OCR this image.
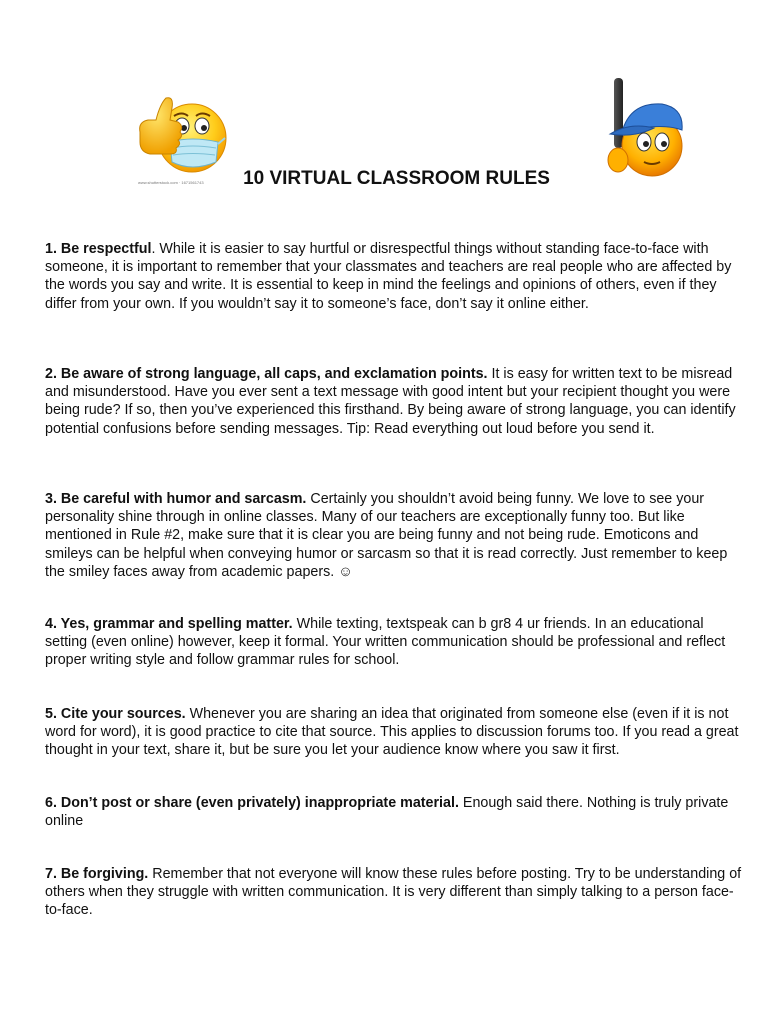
www.shutterstock.com · 1671561743	10 VIRTUAL CLASSROOM RULES
1. Be respectful. While it is easier to say hurtful or disrespectful things without standing face-to-face with someone, it is important to remember that your classmates and teachers are real people who are affected by the words you say and write. It is essential to keep in mind the feelings and opinions of others, even if they differ from your own. If you wouldn’t say it to someone’s face, don’t say it online either.
2. Be aware of strong language, all caps, and exclamation points. It is easy for written text to be misread and misunderstood. Have you ever sent a text message with good intent but your recipient thought you were being rude? If so, then you’ve experienced this firsthand. By being aware of strong language, you can identify potential confusions before sending messages. Tip: Read everything out loud before you send it.
3. Be careful with humor and sarcasm. Certainly you shouldn’t avoid being funny. We love to see your personality shine through in online classes. Many of our teachers are exceptionally funny too. But like mentioned in Rule #2, make sure that it is clear you are being funny and not being rude. Emoticons and smileys can be helpful when conveying humor or sarcasm so that it is read correctly. Just remember to keep the smiley faces away from academic papers. ☺
4. Yes, grammar and spelling matter. While texting, textspeak can b gr8 4 ur friends. In an educational setting (even online) however, keep it formal. Your written communication should be professional and reflect proper writing style and follow grammar rules for school.
5. Cite your sources. Whenever you are sharing an idea that originated from someone else (even if it is not word for word), it is good practice to cite that source. This applies to discussion forums too. If you read a great thought in your text, share it, but be sure you let your audience know where you saw it first.
6. Don’t post or share (even privately) inappropriate material. Enough said there. Nothing is truly private online
7. Be forgiving. Remember that not everyone will know these rules before posting. Try to be understanding of others when they struggle with written communication. It is very different than simply talking to a person face-to-face.
